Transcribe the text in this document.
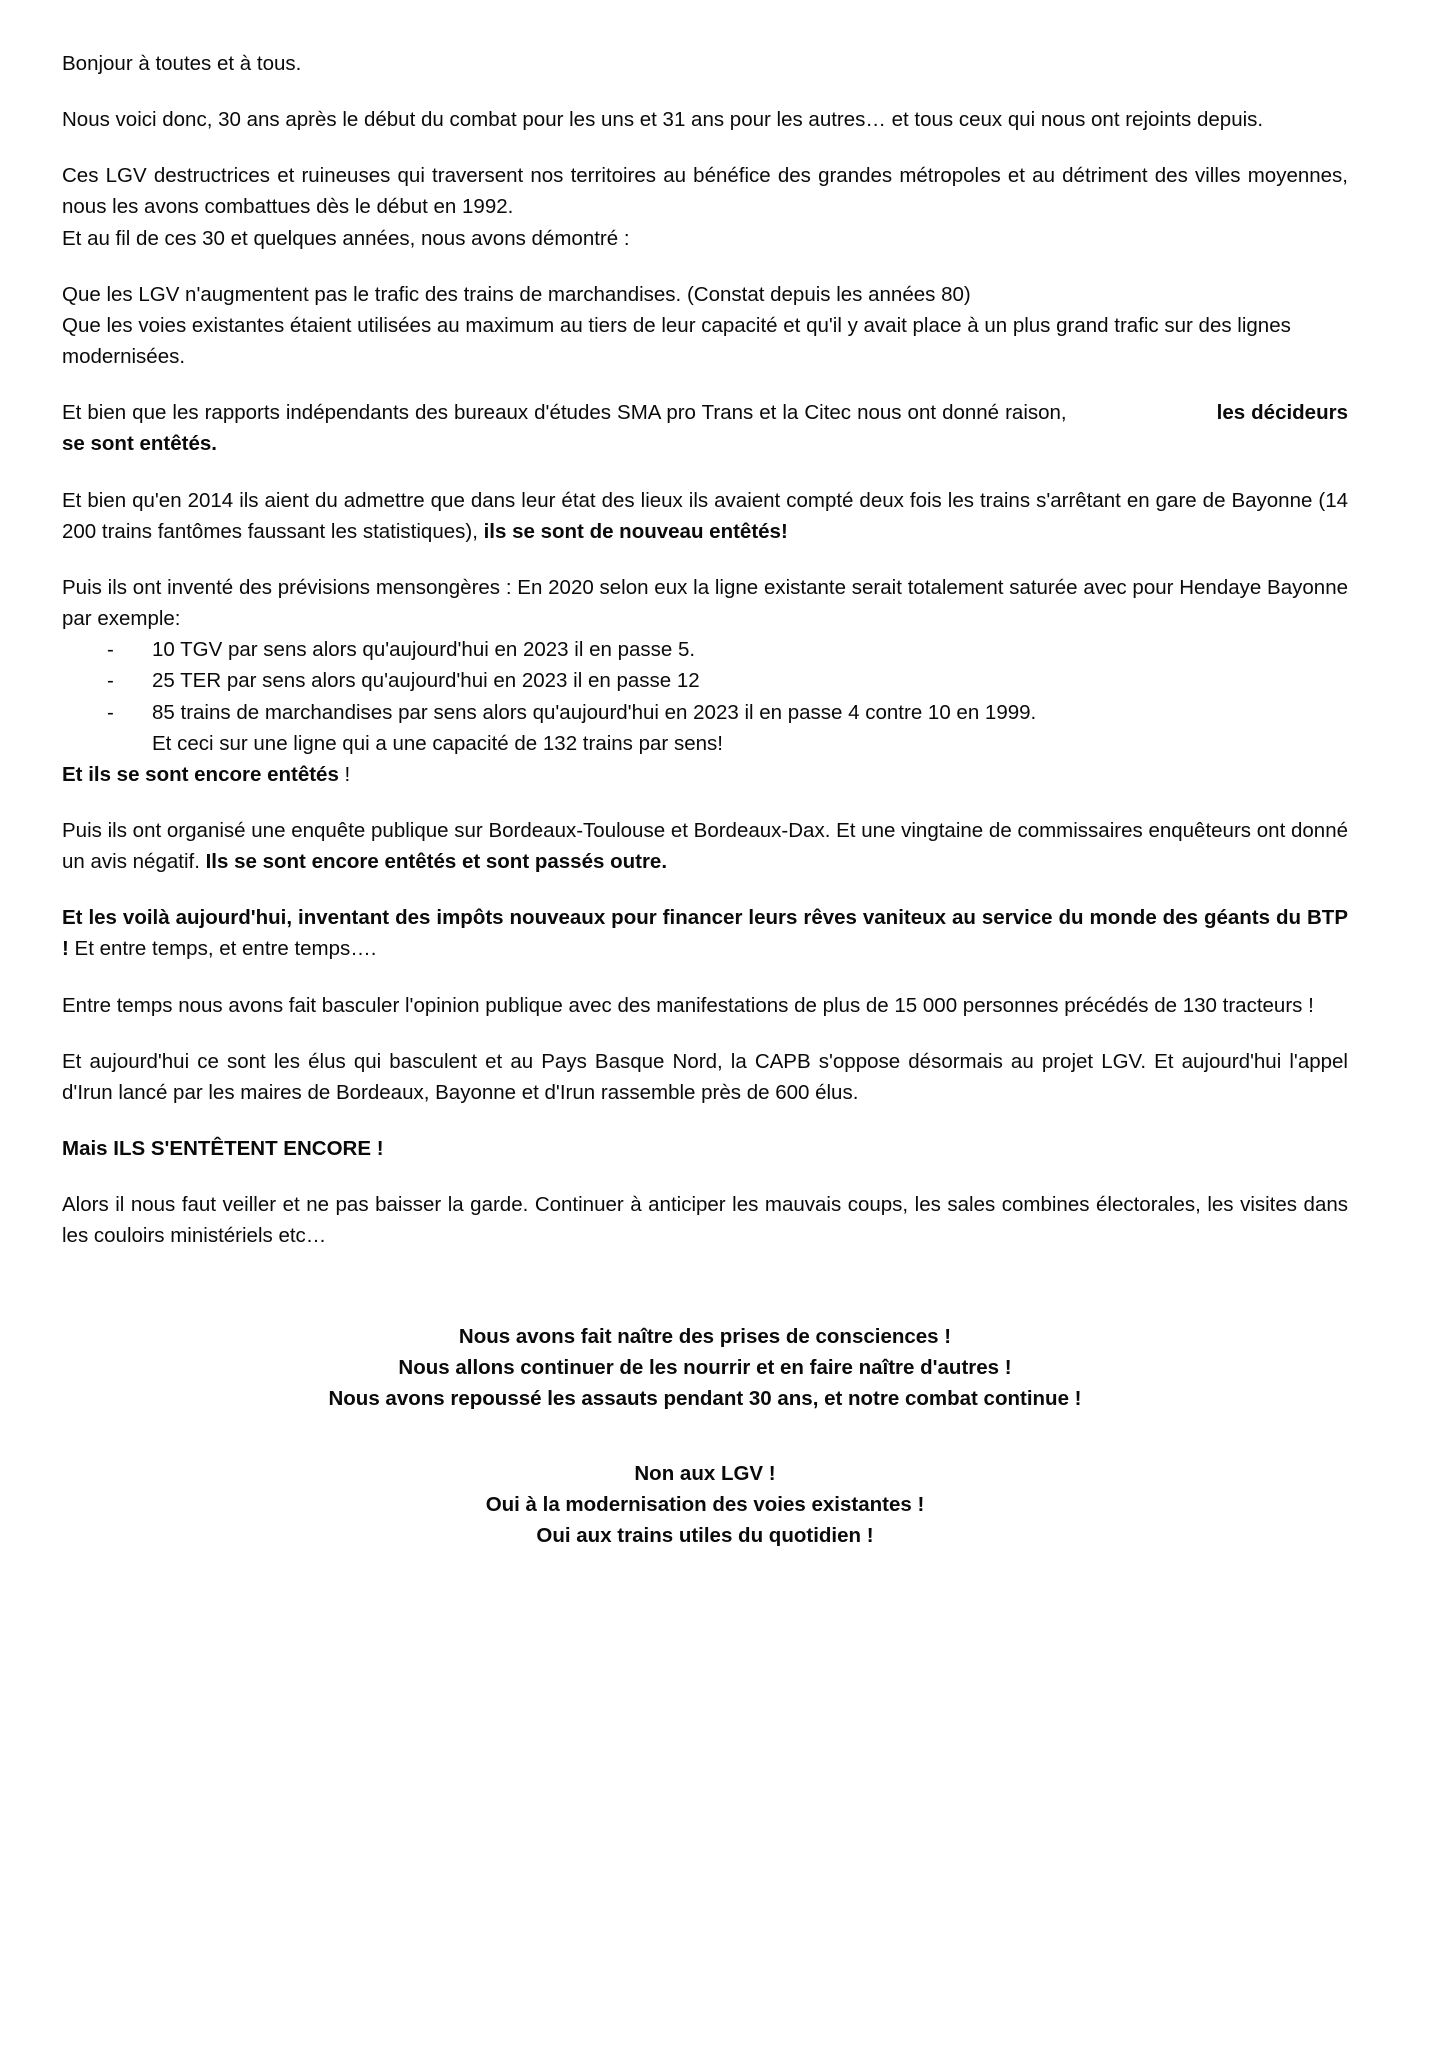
Bonjour à toutes et à tous.

Nous voici donc, 30 ans après le début du combat pour les uns et 31 ans pour les autres… et tous ceux qui nous ont rejoints depuis.

Ces LGV destructrices et ruineuses qui traversent nos territoires au bénéfice des grandes métropoles et au détriment des villes moyennes, nous les avons combattues dès le début en 1992.

Et au fil de ces 30 et quelques années, nous avons démontré :

Que les LGV n'augmentent pas le trafic des trains de marchandises. (Constat depuis les années 80)

Que les voies existantes étaient utilisées au maximum au tiers de leur capacité et qu'il y avait place à un plus grand trafic sur des lignes modernisées.

Et bien que les rapports indépendants des bureaux d'études SMA pro Trans et la Citec nous ont donné raison,	les décideurs se sont entêtés.

Et bien qu'en 2014 ils aient du admettre que dans leur état des lieux ils avaient compté deux fois les trains s'arrêtant en gare de Bayonne (14 200 trains fantômes faussant les statistiques), ils se sont de nouveau entêtés!

Puis ils ont inventé des prévisions mensongères : En 2020 selon eux la ligne existante serait totalement saturée avec pour Hendaye Bayonne par exemple:

- 10 TGV par sens alors qu'aujourd'hui en 2023 il en passe 5.
- 25 TER par sens alors qu'aujourd'hui en 2023 il en passe 12
- 85 trains de marchandises par sens alors qu'aujourd'hui en 2023 il en passe 4 contre 10 en 1999.

Et ceci sur une ligne qui a une capacité de 132 trains par sens!

Et ils se sont encore entêtés !

Puis ils ont organisé une enquête publique sur Bordeaux-Toulouse et Bordeaux-Dax. Et une vingtaine de commissaires enquêteurs ont donné un avis négatif. Ils se sont encore entêtés et sont passés outre.

Et les voilà aujourd'hui, inventant des impôts nouveaux pour financer leurs rêves vaniteux au service du monde des géants du BTP ! Et entre temps, et entre temps….

Entre temps nous avons fait basculer l'opinion publique avec des manifestations de plus de 15 000 personnes précédés de 130 tracteurs !

Et aujourd'hui ce sont les élus qui basculent et au Pays Basque Nord, la CAPB s'oppose désormais au projet LGV. Et aujourd'hui l'appel d'Irun lancé par les maires de Bordeaux, Bayonne et d'Irun rassemble près de 600 élus.

Mais ILS S'ENTÊTENT ENCORE !

Alors il nous faut veiller et ne pas baisser la garde. Continuer à anticiper les mauvais coups, les sales combines électorales, les visites dans les couloirs ministériels etc…

Nous avons fait naître des prises de consciences !
Nous allons continuer de les nourrir et en faire naître d'autres !
Nous avons repoussé les assauts pendant 30 ans, et notre combat continue !
Non aux LGV !
Oui à la modernisation des voies existantes !
Oui aux trains utiles du quotidien !
